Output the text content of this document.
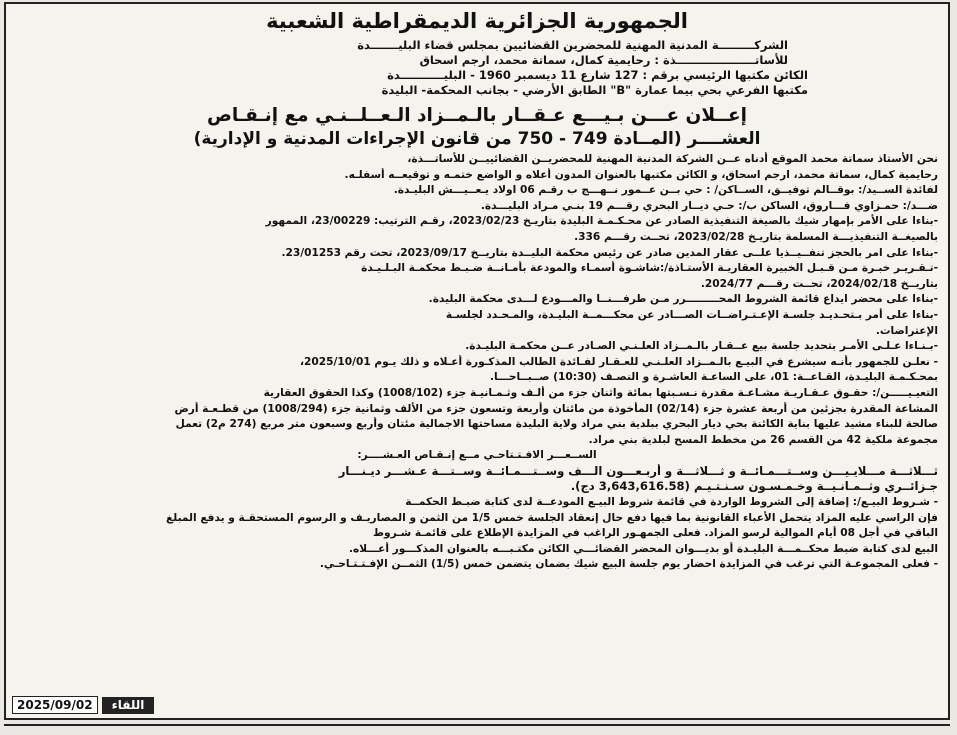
الجمهورية الجزائرية الديمقراطية الشعبية

الشركـــــــــة المدنية المهنية للمحضرين القضائيين بمجلس قضاء البليـــــــدة

للأساتــــــــــــــــــــذة : رحايمية كمال، سماتة محمد، ارجم اسحاق

الكائن مكتبها الرئيسي برقم : 127 شارع 11 ديسمبر 1960 - البليـــــــــــدة

مكتبها الفرعي بحي بيما عمارة "B" الطابق الأرضي - بجانب المحكمة- البليدة

إعــلان عـــن بـيـــع عـقــار بالـمــزاد الـعــلــنـي مع إنـقـاص
العشــــر (المــادة 749 - 750 من قانون الإجراءات المدنية و الإدارية)

نحن الأستاذ سماتة محمد الموقع أدناه عــن الشركة المدنية المهنية للمحضريــن القضائييــن للأساتـــذة،

رحايمية كمال، سماتة محمد، ارجم اسحاق، و الكائن مكتبها بالعنوان المدون أعلاه و الواضع ختمـه و توقيعــه أسفلـه.

لفائدة الســيد/: بوقــالم توفيــق، الســاكن/ : حي بــن عــمور نــهـــج ب رقـم 06 اولاد يـعــيـــش البليـدة.

ضـــد/: حمـزاوي فـــاروق، الساكن ب/: حـي ديــار البحري رقـــم 19 بنـي مـراد البليـــدة.

-بناءا على الأمر بإمهار شيك بالصيغة التنفيذية الصادر عن محـكـمـة البليدة بتاريـخ 2023/02/23، رقـم الترتيب: 23/00229، الممهور

بالصيغــة التنفيذيـــة المسلمة بتاريـخ 2023/02/28، تحــت رقـــم 336.

-بناءا على امر بالحجز تنفــيــذيا علــى عقار المدين صادر عن رئيس محكمة البليــدة بتاريــخ 2023/09/17، تحت رقم 23/01253.

-تـقـريـر خبـرة مـن قـبـل الخبيرة العقاريـة الأستـاذة/:شاشـوة أسمـاء والمودعة بأمـانــة ضـبـط محكمـة البـلـيـدة

بتاريــخ 2024/02/18، تحــت رقـــم 2024/77.

-بناءا على محضر ايداع قائمة الشروط المحـــــــــرر مـن طرفـــنــا والمـــودع لـــدى محكمة البليدة.

-بناءا على أمر بـتحـديـد جلسـة الإعـتـراضــات الصـــادر عن محكـــمــة البليـدة، والمـحـدد لجلسـة

الإعتراضات.

-بـنـاءا عـلـى الأمـر بتحديد جلسة بيع عــقـار بالـمــزاد العلـنـي الصـادر عــن محكمـة البليـدة.

- نعلـن للجمهور بأنـه سيشرع في البيـع بالـمــزاد العلـنـي للعـقـار لفـائدة الطالب المذكـورة أعـلاه و ذلك يـوم 2025/10/01،

بمحـكـمـة البليـدة، القـاعــة: 01، على الساعـة العاشـرة و النصـف (10:30) صــبــاحـــا.

التعيـيـــــن/: حقـوق عـقـاريـة مشـاعـة مقدرة نـسـبتها بمائة واثنان جزء من ألـف وثـمـانيـة جزء (1008/102) وكذا الحقوق العقارية

المشاعة المقدرة بجزئين من أربعة عشرة جزء (02/14) المأخوذة من مائتان وأربعة وتسعون جزء من الألف وثمانية جزء (1008/294) من قطـعـة أرض

صالحة للبناء مشيد عليها بناية الكائنة بحي ديار البحري ببلدية بني مراد ولاية البليدة مساحتها الاجمالية مئتان وأربع وسبعون متر مربع (274 م2) تعمل

مجموعة ملكية 42 من القسم 26 من مخطط المسح لبلدية بني مراد.

الســعـــر الافـتـتاحـي مــع إنـقـاص العـشــــر:

ثـــلاثـــة مـــلايـيـــن وســتـــمـائــة و ثـــلاثـــة و أربـعـــون الـــف وســتـــمـائــة وســتـــة عـشـــر ديـنـــار

جـزائــري وثــمـانـيــة وخـمـسـون سـنـتـيـم (3,643,616.58 دج).

- شـروط البيـع/: إضافة إلى الشروط الواردة في قائمة شروط البيـع المودعــة لدى كتابة ضبـط الحكمــة

فإن الراسي عليه المزاد يتحمل الأعباء القانونية بما فيها دفع حال إنعقاد الجلسة خمس 1/5 من الثمن و المصاريـف و الرسوم المستحقـة و يدفع المبلغ

الباقي في أجل 08 أيام الموالية لرسو المزاد. فعلى الجمهـور الراغب في المزايدة الإطلاع على قائمـة شـروط

البيع لدى كتابة ضبط محكــمـــة البليـدة أو بديـــوان المحضر القضائـــي الكائن مكتـبـــه بالعنوان المذكـــور أعـــلاه.

- فعلى المجموعـة التي ترغب في المزايدة احضار يوم جلسة البيع شيك بضمان يتضمن خمس (1/5) الثمــن الإفـتـتـاحـي.

2025/09/02	اللقاء
